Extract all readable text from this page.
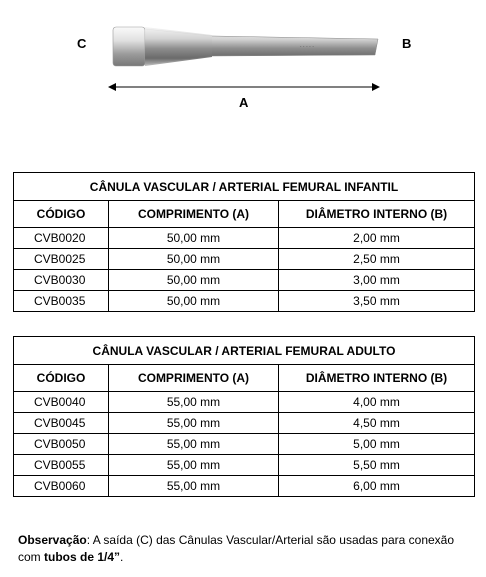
· · · · ·
C	B
A
CÂNULA VASCULAR / ARTERIAL FEMURAL INFANTIL		
CÓDIGO	COMPRIMENTO (A)	DIÂMETRO INTERNO (B)
CVB0020	50,00 mm	2,00 mm
CVB0025	50,00 mm	2,50 mm
CVB0030	50,00 mm	3,00 mm
CVB0035	50,00 mm	3,50 mm
CÂNULA VASCULAR / ARTERIAL FEMURAL ADULTO		
CÓDIGO	COMPRIMENTO (A)	DIÂMETRO INTERNO (B)
CVB0040	55,00 mm	4,00 mm
CVB0045	55,00 mm	4,50 mm
CVB0050	55,00 mm	5,00 mm
CVB0055	55,00 mm	5,50 mm
CVB0060	55,00 mm	6,00 mm
Observação: A saída (C) das Cânulas Vascular/Arterial são usadas para conexão com tubos de 1/4”.
